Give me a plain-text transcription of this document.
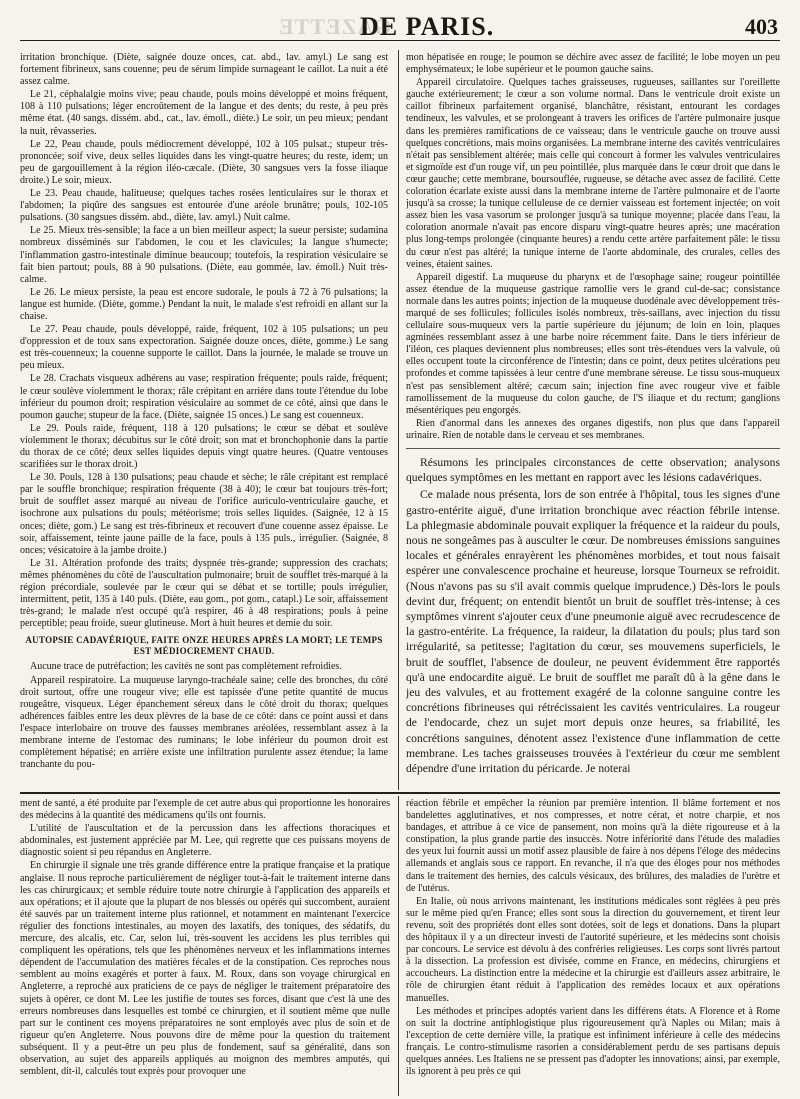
GAZETTE
DE PARIS.	403

irritation bronchique. (Diète, saignée douze onces, cat. abd., lav. amyl.) Le sang est fortement fibrineux, sans couenne; peu de sérum limpide surnageant le caillot. La nuit a été assez calme.

Le 21, céphalalgie moins vive; peau chaude, pouls moins développé et moins fréquent, 108 à 110 pulsations; léger encroûtement de la langue et des dents; du reste, à peu près même état. (40 sangs. dissém. abd., cat., lav. émoll., diète.) Le soir, un peu mieux; pendant la nuit, rêvasseries.

Le 22, Peau chaude, pouls médiocrement développé, 102 à 105 pulsat.; stupeur très-prononcée; soif vive, deux selles liquides dans les vingt-quatre heures; du reste, idem; un peu de gargouillement à la région iléo-cæcale. (Diète, 30 sangsues vers la fosse iliaque droite.) Le soir, mieux.

Le 23. Peau chaude, halitueuse; quelques taches rosées lenticulaires sur le thorax et l'abdomen; la piqûre des sangsues est entourée d'une aréole brunâtre; pouls, 102-105 pulsations. (30 sangsues dissém. abd., diète, lav. amyl.) Nuit calme.

Le 25. Mieux très-sensible; la face a un bien meilleur aspect; la sueur persiste; sudamina nombreux disséminés sur l'abdomen, le cou et les clavicules; la langue s'humecte; l'inflammation gastro-intestinale diminue beaucoup; toutefois, la respiration vésiculaire se fait bien partout; pouls, 88 à 90 pulsations. (Diète, eau gommée, lav. émoll.) Nuit très-calme.

Le 26. Le mieux persiste, la peau est encore sudorale, le pouls à 72 à 76 pulsations; la langue est humide. (Diète, gomme.) Pendant la nuit, le malade s'est refroidi en allant sur la chaise.

Le 27. Peau chaude, pouls développé, raide, fréquent, 102 à 105 pulsations; un peu d'oppression et de toux sans expectoration. Saignée douze onces, diète, gomme.) Le sang est très-couenneux; la couenne supporte le caillot. Dans la journée, le malade se trouve un peu mieux.

Le 28. Crachats visqueux adhérens au vase; respiration fréquente; pouls raide, fréquent; le cœur soulève violemment le thorax; râle crépitant en arrière dans toute l'étendue du lobe inférieur du poumon droit; respiration vésiculaire au sommet de ce côté, ainsi que dans le poumon gauche; stupeur de la face. (Diète, saignée 15 onces.) Le sang est couenneux.

Le 29. Pouls raide, fréquent, 118 à 120 pulsations; le cœur se débat et soulève violemment le thorax; décubitus sur le côté droit; son mat et bronchophonie dans la partie du thorax de ce côté; deux selles liquides depuis vingt quatre heures. (Quatre ventouses scarifiées sur le thorax droit.)

Le 30. Pouls, 128 à 130 pulsations; peau chaude et sèche; le râle crépitant est remplacé par le souffle bronchique; respiration fréquente (38 à 40); le cœur bat toujours très-fort; bruit de soufflet assez marqué au niveau de l'orifice auriculo-ventriculaire gauche, et isochrone aux pulsations du pouls; météorisme; trois selles liquides. (Saignée, 12 à 15 onces; diète, gom.) Le sang est très-fibrineux et recouvert d'une couenne assez épaisse. Le soir, affaissement, teinte jaune paille de la face, pouls à 135 puls., irrégulier. (Saignée, 8 onces; vésicatoire à la jambe droite.)

Le 31. Altération profonde des traits; dyspnée très-grande; suppression des crachats; mêmes phénomènes du côté de l'auscultation pulmonaire; bruit de soufflet très-marqué à la région précordiale, soulevée par le cœur qui se débat et se tortille; pouls irrégulier, intermittent, petit, 135 à 140 puls. (Diète, eau gom., pot gom., catapl.) Le soir, affaissement très-grand; le malade n'est occupé qu'à respirer, 46 à 48 respirations; pouls à peine perceptible; peau froide, sueur glutineuse. Mort à huit heures et demie du soir.

AUTOPSIE CADAVÉRIQUE, FAITE ONZE HEURES APRÈS LA MORT; LE TEMPS EST MÉDIOCREMENT CHAUD.

Aucune trace de putréfaction; les cavités ne sont pas complètement refroidies.

Appareil respiratoire. La muqueuse laryngo-trachéale saine; celle des bronches, du côté droit surtout, offre une rougeur vive; elle est tapissée d'une petite quantité de mucus rougeâtre, visqueux. Léger épanchement séreux dans le côté droit du thorax; quelques adhérences faibles entre les deux plèvres de la base de ce côté: dans ce point aussi et dans l'espace interlobaire on trouve des fausses membranes aréolées, ressemblant assez à la membrane interne de l'estomac des ruminans; le lobe inférieur du poumon droit est complètement hépatisé; en arrière existe une infiltration purulente assez étendue; la lame tranchante du pou-

mon hépatisée en rouge; le poumon se déchire avec assez de facilité; le lobe moyen un peu emphysémateux; le lobe supérieur et le poumon gauche sains.

Appareil circulatoire. Quelques taches graisseuses, rugueuses, saillantes sur l'oreillette gauche extérieurement; le cœur a son volume normal. Dans le ventricule droit existe un caillot fibrineux parfaitement organisé, blanchâtre, résistant, entourant les cordages tendineux, les valvules, et se prolongeant à travers les orifices de l'artère pulmonaire jusque dans les premières ramifications de ce vaisseau; dans le ventricule gauche on trouve aussi quelques concrétions, mais moins organisées. La membrane interne des cavités ventriculaires n'était pas sensiblement altérée; mais celle qui concourt à former les valvules ventriculaires et sigmoïde est d'un rouge vif, un peu pointillée, plus marquée dans le cœur droit que dans le cœur gauche; cette membrane, boursouflée, rugueuse, se détache avec assez de facilité. Cette coloration écarlate existe aussi dans la membrane interne de l'artère pulmonaire et de l'aorte jusqu'à sa crosse; la tunique celluleuse de ce dernier vaisseau est fortement injectée; on voit assez bien les vasa vasorum se prolonger jusqu'à sa tunique moyenne; placée dans l'eau, la coloration anormale n'avait pas encore disparu vingt-quatre heures après; une macération plus long-temps prolongée (cinquante heures) a rendu cette artère parfaitement pâle: le tissu du cœur n'est pas altéré; la tunique interne de l'aorte abdominale, des crurales, celles des veines, étaient saines.

Appareil digestif. La muqueuse du pharynx et de l'œsophage saine; rougeur pointillée assez étendue de la muqueuse gastrique ramollie vers le grand cul-de-sac; consistance normale dans les autres points; injection de la muqueuse duodénale avec développement très-marqué de ses follicules; follicules isolés nombreux, très-saillans, avec injection du tissu cellulaire sous-muqueux vers la partie supérieure du jéjunum; de loin en loin, plaques agminées ressemblant assez à une barbe noire récemment faite. Dans le tiers inférieur de l'iléon, ces plaques deviennent plus nombreuses; elles sont très-étendues vers la valvule, où elles occupent toute la circonférence de l'intestin; dans ce point, deux petites ulcérations peu profondes et comme tapissées à leur centre d'une membrane séreuse. Le tissu sous-muqueux n'est pas sensiblement altéré; cæcum sain; injection fine avec rougeur vive et faible ramollissement de la muqueuse du colon gauche, de l'S iliaque et du rectum; ganglions mésentériques peu engorgés.

Rien d'anormal dans les annexes des organes digestifs, non plus que dans l'appareil urinaire. Rien de notable dans le cerveau et ses membranes.

Résumons les principales circonstances de cette observation; analysons quelques symptômes en les mettant en rapport avec les lésions cadavériques.

Ce malade nous présenta, lors de son entrée à l'hôpital, tous les signes d'une gastro-entérite aiguë, d'une irritation bronchique avec réaction fébrile intense. La phlegmasie abdominale pouvait expliquer la fréquence et la raideur du pouls, nous ne songeâmes pas à ausculter le cœur. De nombreuses émissions sanguines locales et générales enrayèrent les phénomènes morbides, et tout nous faisait espérer une convalescence prochaine et heureuse, lorsque Tourneux se refroidit. (Nous n'avons pas su s'il avait commis quelque imprudence.) Dès-lors le pouls devint dur, fréquent; on entendit bientôt un bruit de soufflet très-intense; à ces symptômes vinrent s'ajouter ceux d'une pneumonie aiguë avec recrudescence de la gastro-entérite. La fréquence, la raideur, la dilatation du pouls; plus tard son irrégularité, sa petitesse; l'agitation du cœur, ses mouvemens superficiels, le bruit de soufflet, l'absence de douleur, ne peuvent évidemment être rapportés qu'à une endocardite aiguë. Le bruit de soufflet me paraît dû à la gêne dans le jeu des valvules, et au frottement exagéré de la colonne sanguine contre les concrétions fibrineuses qui rétrécissaient les cavités ventriculaires. La rougeur de l'endocarde, chez un sujet mort depuis onze heures, sa friabilité, les concrétions sanguines, dénotent assez l'existence d'une inflammation de cette membrane. Les taches graisseuses trouvées à l'extérieur du cœur me semblent dépendre d'une irritation du péricarde. Je noterai

ment de santé, a été produite par l'exemple de cet autre abus qui proportionne les honoraires des médecins à la quantité des médicamens qu'ils ont fournis.

L'utilité de l'auscultation et de la percussion dans les affections thoraciques et abdominales, est justement appréciée par M. Lee, qui regrette que ces puissans moyens de diagnostic soient si peu répandus en Angleterre.

En chirurgie il signale une très grande différence entre la pratique française et la pratique anglaise. Il nous reproche particulièrement de négliger tout-à-fait le traitement interne dans les cas chirurgicaux; et semble réduire toute notre chirurgie à l'application des appareils et aux opérations; et il ajoute que la plupart de nos blessés ou opérés qui succombent, auraient été sauvés par un traitement interne plus rationnel, et notamment en maintenant l'exercice régulier des fonctions intestinales, au moyen des laxatifs, des toniques, des sédatifs, du mercure, des alcalis, etc. Car, selon lui, très-souvent les accidens les plus terribles qui compliquent les opérations, tels que les phénomènes nerveux et les inflammations internes dépendent de l'accumulation des matières fécales et de la constipation. Ces reproches nous semblent au moins exagérés et porter à faux. M. Roux, dans son voyage chirurgical en Angleterre, a reproché aux praticiens de ce pays de négliger le traitement préparatoire des sujets à opérer, ce dont M. Lee les justifie de toutes ses forces, disant que c'est là une des erreurs nombreuses dans lesquelles est tombé ce chirurgien, et il soutient même que nulle part sur le continent ces moyens préparatoires ne sont employés avec plus de soin et de rigueur qu'en Angleterre. Nous pouvons dire de même pour la question du traitement subséquent. Il y a peut-être un peu plus de fondement, sauf sa généralité, dans son observation, au sujet des appareils appliqués au moignon des membres amputés, qui semblent, dit-il, calculés tout exprès pour provoquer une

réaction fébrile et empêcher la réunion par première intention. Il blâme fortement et nos bandelettes agglutinatives, et nos compresses, et notre cérat, et notre charpie, et nos bandages, et attribue à ce vice de pansement, non moins qu'à la diète rigoureuse et à la constipation, la plus grande partie des insuccès. Notre infériorité dans l'étude des maladies des yeux lui fournit aussi un motif assez plausible de faire à nos dépens l'éloge des médecins allemands et anglais sous ce rapport. En revanche, il n'a que des éloges pour nos méthodes dans le traitement des hernies, des calculs vésicaux, des brûlures, des maladies de l'urètre et de l'utérus.

En Italie, où nous arrivons maintenant, les institutions médicales sont réglées à peu près sur le même pied qu'en France; elles sont sous la direction du gouvernement, et tirent leur revenu, soit des propriétés dont elles sont dotées, soit de legs et donations. Dans la plupart des hôpitaux il y a un directeur investi de l'autorité supérieure, et les médecins sont choisis par concours. Le service est dévolu à des confréries religieuses. Les corps sont livrés partout à la dissection. La profession est divisée, comme en France, en médecins, chirurgiens et accoucheurs. La distinction entre la médecine et la chirurgie est d'ailleurs assez arbitraire, le rôle de chirurgien étant réduit à l'application des remèdes locaux et aux opérations manuelles.

Les méthodes et principes adoptés varient dans les différens états. A Florence et à Rome on suit la doctrine antiphlogistique plus rigoureusement qu'à Naples ou Milan; mais à l'exception de cette dernière ville, la pratique est infiniment inférieure à celle des médecins français. Le contro-stimulisme rasorien a considérablement perdu de ses partisans depuis quelques années. Les Italiens ne se pressent pas d'adopter les innovations; ainsi, par exemple, ils ignorent à peu près ce qui
